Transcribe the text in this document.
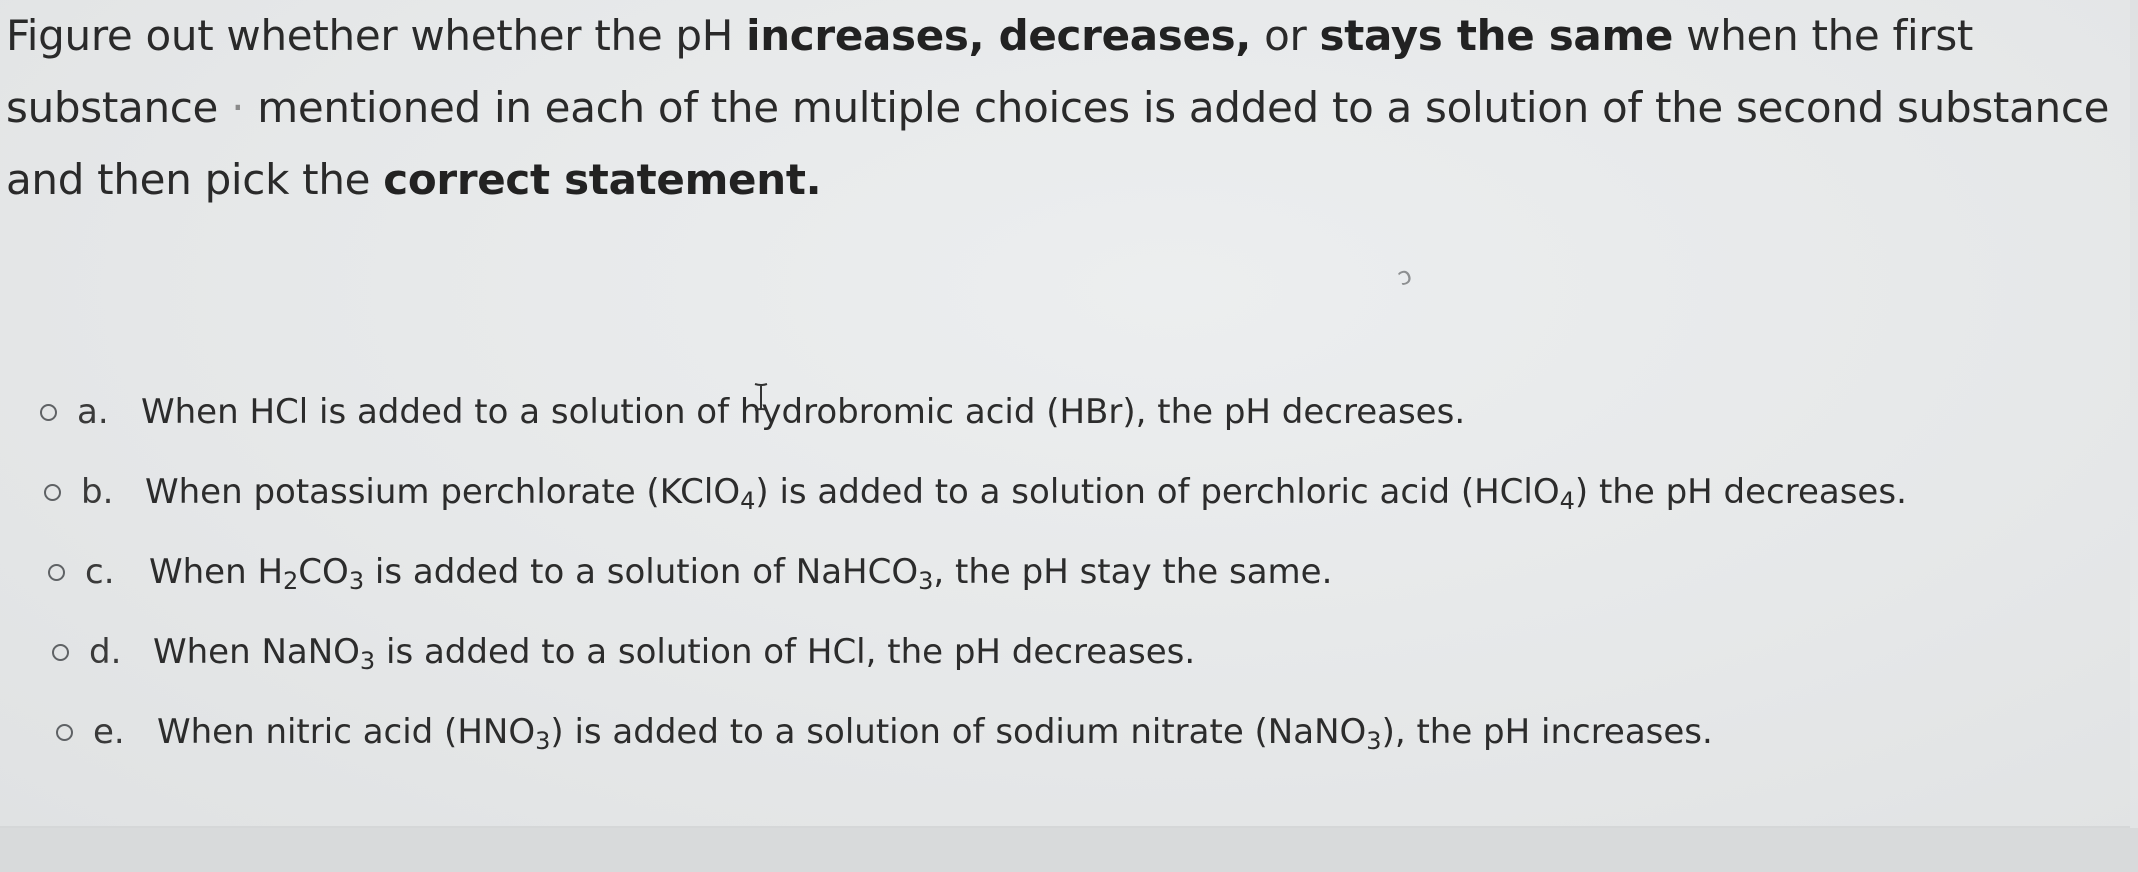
Figure out whether whether the pH increases, decreases, or stays the same when the first substance · mentioned in each of the multiple choices is added to a solution of the second substance and then pick the correct statement.

ↄ
a. When HCl is added to a solution of hydrobromic acid (HBr), the pH decreases.
b. When potassium perchlorate (KClO$_4$) is added to a solution of perchloric acid (HClO$_4$) the pH decreases.
c.	When $H_2CO_3$ is added to a solution of NaHCO$_3$, the pH stay the same.
d. When NaNO$_3$ is added to a solution of HCl, the pH decreases.
e. When nitric acid $(HNO_3)$ is added to a solution of sodium nitrate (NaNO$_3$), the pH increases.
